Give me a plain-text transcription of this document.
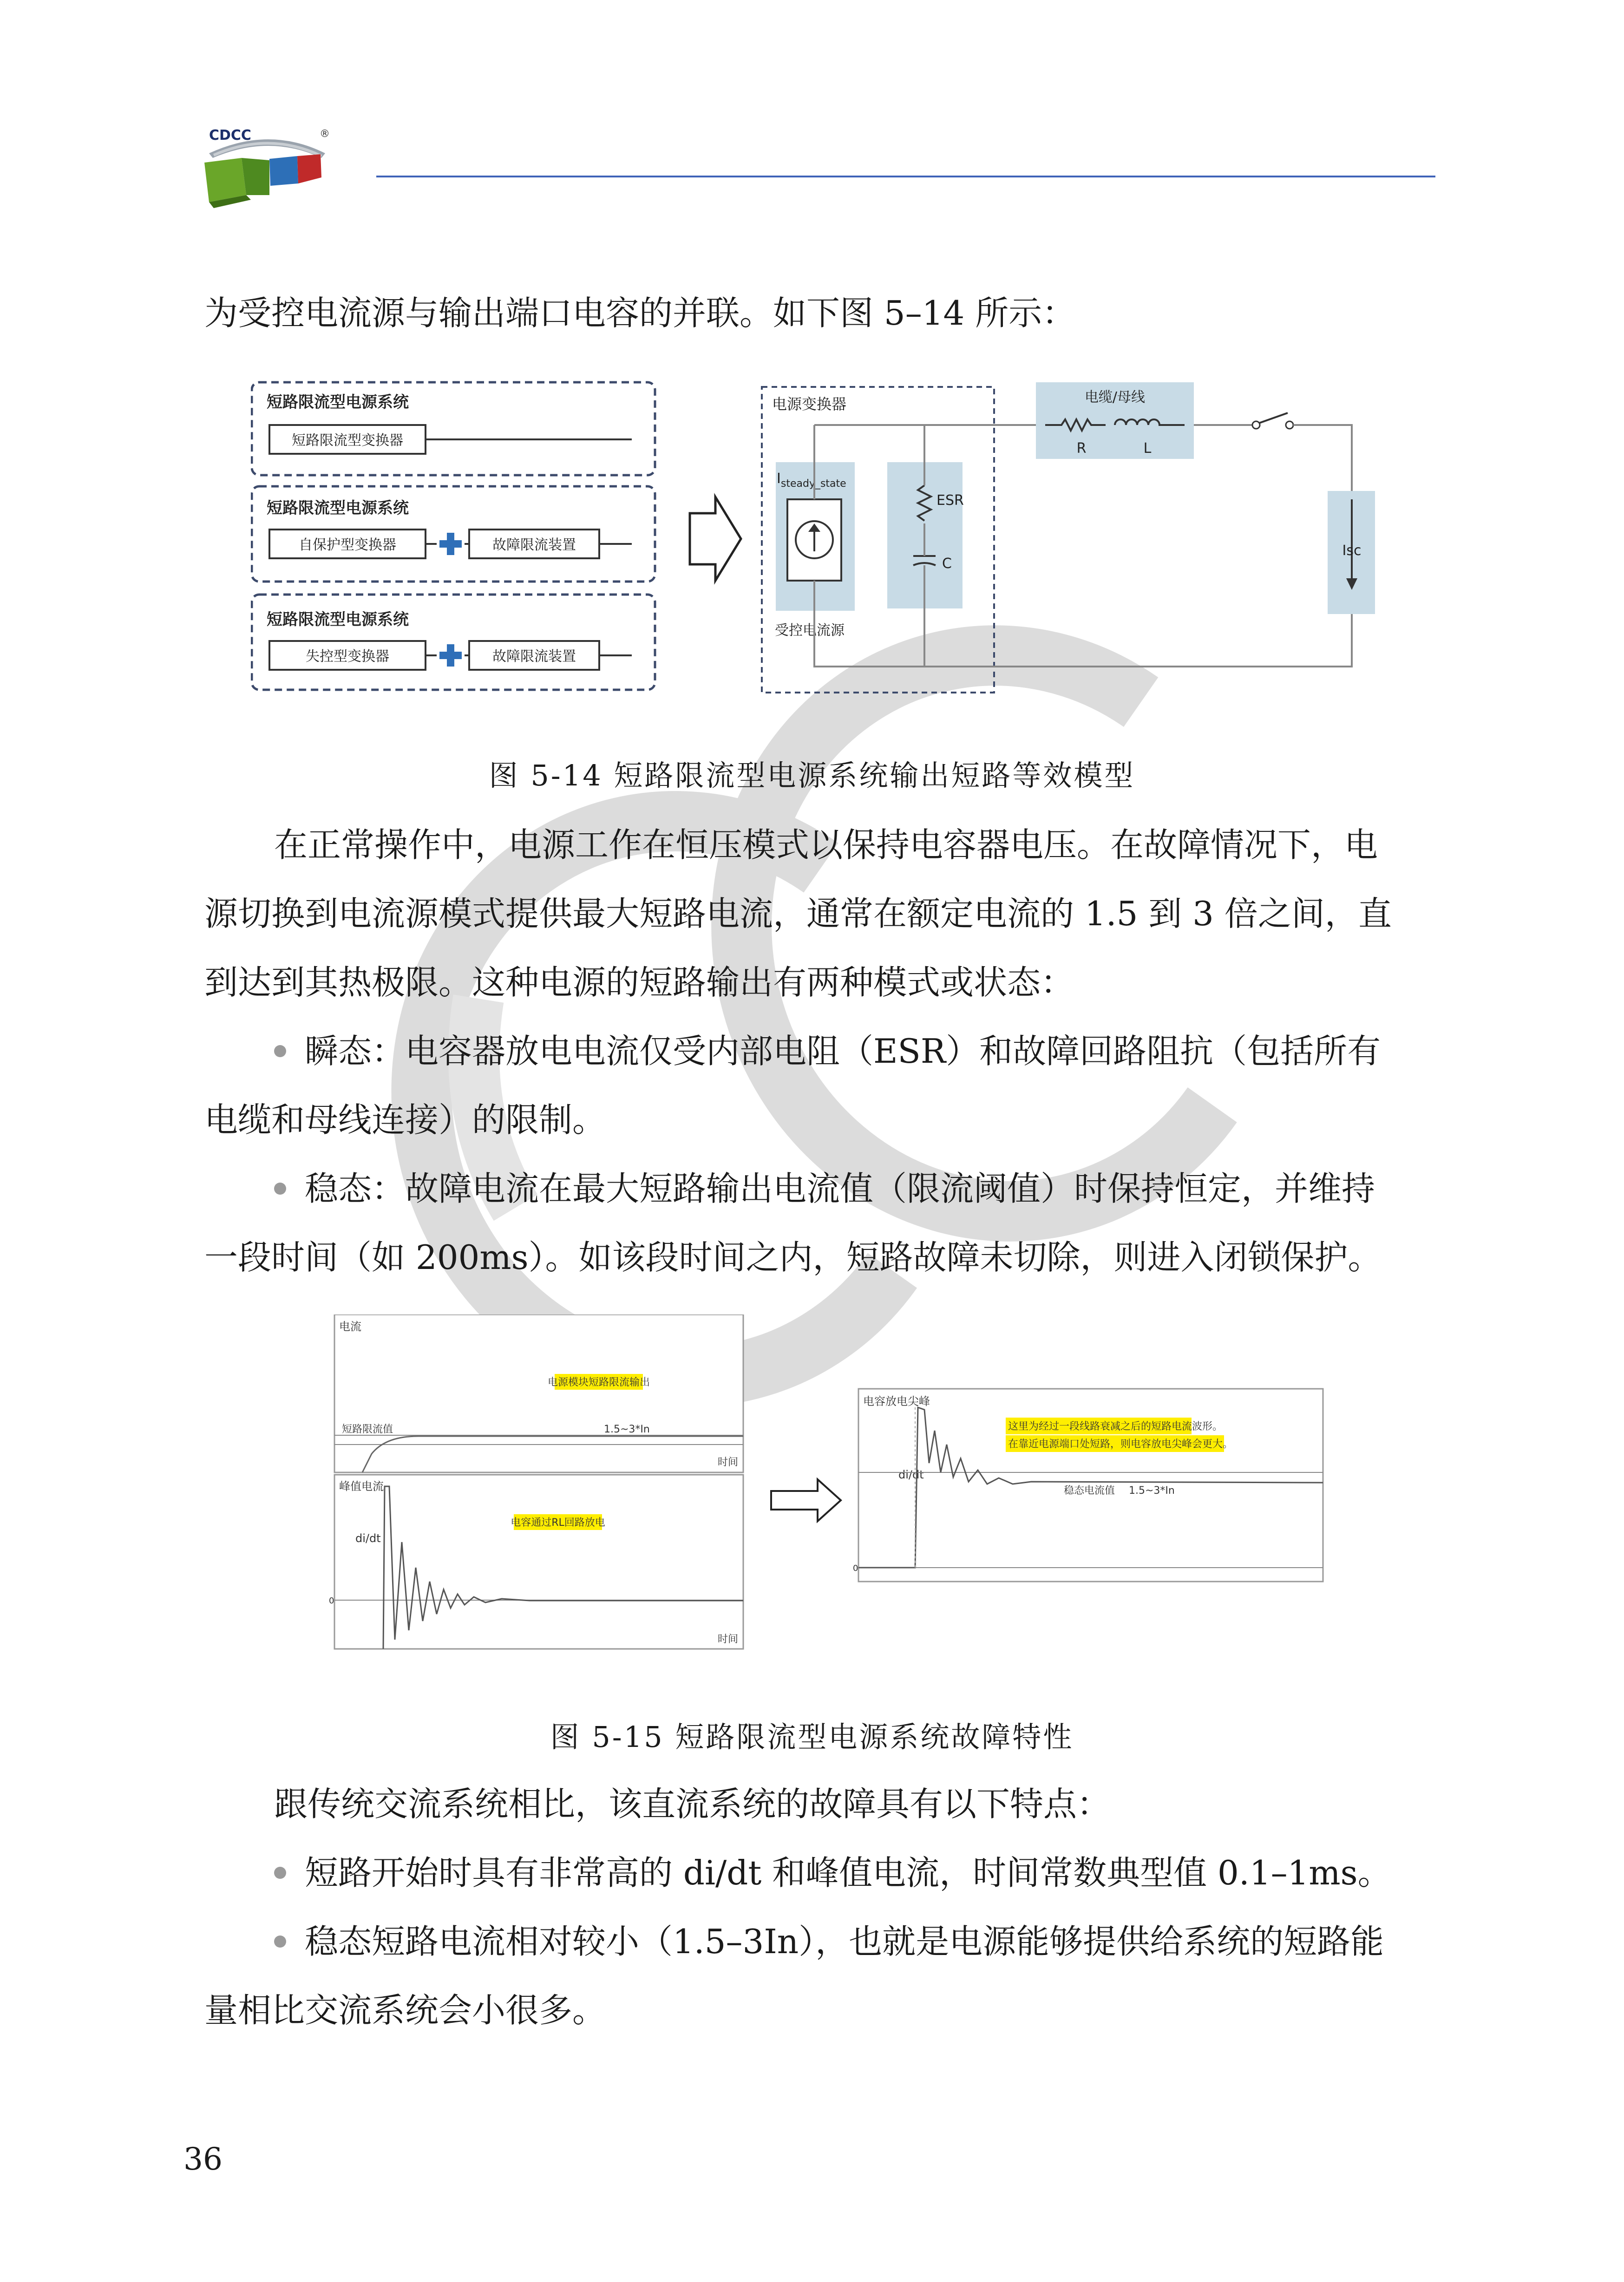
CDCC	®
为受控电流源与输出端口电容的并联。如下图 5–14 所示：
短路限流型电源系统
短路限流型变换器
短路限流型电源系统
自保护型变换器	故障限流装置
短路限流型电源系统
失控型变换器	故障限流装置
电源变换器
$I_{steady\_state}$
受控电流源
ESR
C
电缆/母线
R	L
Isc
图 5-14 短路限流型电源系统输出短路等效模型
在正常操作中，电源工作在恒压模式以保持电容器电压。在故障情况下，电
源切换到电流源模式提供最大短路电流，通常在额定电流的 1.5 到 3 倍之间，直
到达到其热极限。这种电源的短路输出有两种模式或状态：
瞬态：电容器放电电流仅受内部电阻（ESR）和故障回路阻抗（包括所有
电缆和母线连接）的限制。
稳态：故障电流在最大短路输出电流值（限流阈值）时保持恒定，并维持
一段时间（如 200ms）。如该段时间之内，短路故障未切除，则进入闭锁保护。
电流
电源模块短路限流输出
短路限流值	1.5~3*In
时间
峰值电流
di/dt
电容通过RL回路放电
0
时间
电容放电尖峰
di/dt
这里为经过一段线路衰减之后的短路电流波形。
在靠近电源端口处短路，则电容放电尖峰会更大。
稳态电流值 1.5~3*In
0
图 5-15 短路限流型电源系统故障特性
跟传统交流系统相比，该直流系统的故障具有以下特点：
短路开始时具有非常高的 di/dt 和峰值电流，时间常数典型值 0.1–1ms。
稳态短路电流相对较小（1.5–3In），也就是电源能够提供给系统的短路能
量相比交流系统会小很多。
36
